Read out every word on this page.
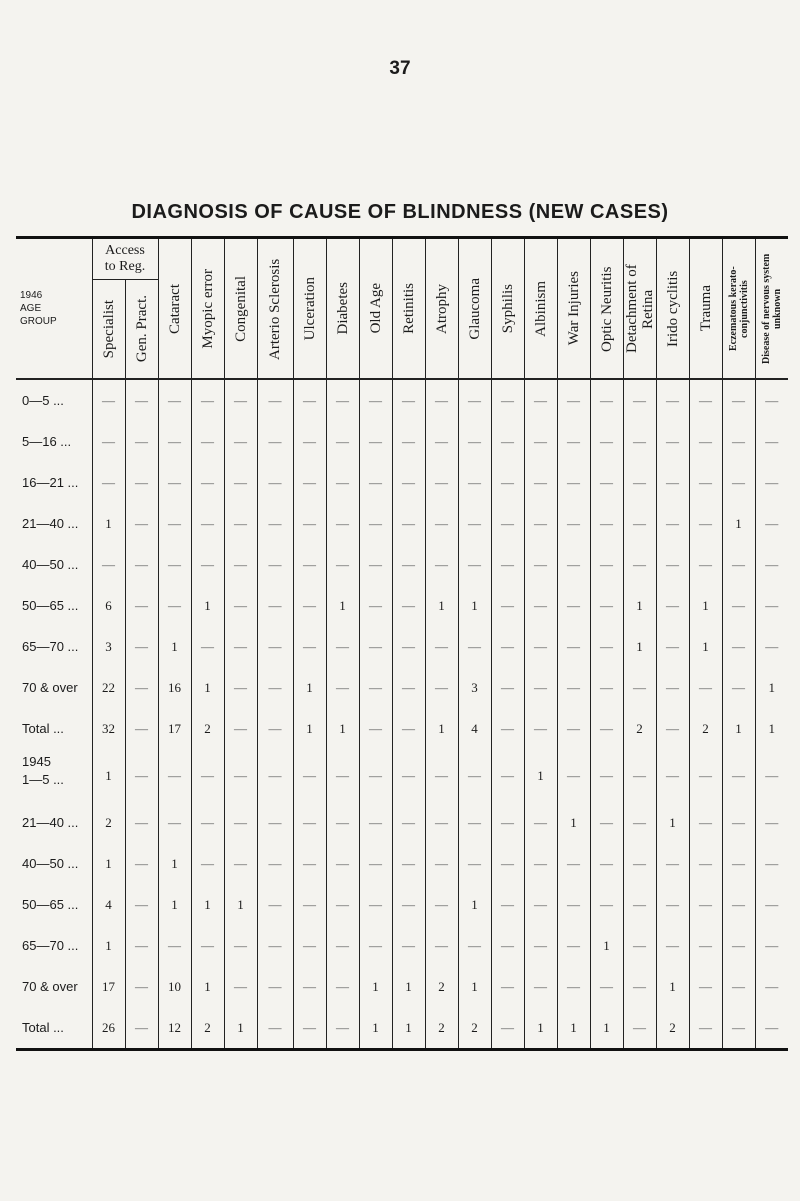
37
DIAGNOSIS OF CAUSE OF BLINDNESS (NEW CASES)
1946
AGE
GROUP	Access
to Reg.		Cataract	Myopic error	Congenital	Arterio Sclerosis	Ulceration	Diabetes	Old Age	Retinitis	Atrophy	Glaucoma	Syphilis	Albinism	War Injuries	Optic Neuritis	Detachment of Retina	Irido cyclitis	Trauma	Eczematous kerato-conjunctivitis	Disease of nervous system unknown

	Specialist	Gen. Pract.																			

0—5 ...	—	—	—	—	—	—	—	—	—	—	—	—	—	—	—	—	—	—	—	—	—
5—16 ...	—	—	—	—	—	—	—	—	—	—	—	—	—	—	—	—	—	—	—	—	—
16—21 ...	—	—	—	—	—	—	—	—	—	—	—	—	—	—	—	—	—	—	—	—	—
21—40 ...	1	—	—	—	—	—	—	—	—	—	—	—	—	—	—	—	—	—	—	1	—
40—50 ...	—	—	—	—	—	—	—	—	—	—	—	—	—	—	—	—	—	—	—	—	—
50—65 ...	6	—	—	1	—	—	—	1	—	—	1	1	—	—	—	—	1	—	1	—	—
65—70 ...	3	—	1	—	—	—	—	—	—	—	—	—	—	—	—	—	1	—	1	—	—
70 & over	22	—	16	1	—	—	1	—	—	—	—	3	—	—	—	—	—	—	—	—	1
Total ...	32	—	17	2	—	—	1	1	—	—	1	4	—	—	—	—	2	—	2	1	1
1945
1—5 ...	1	—	—	—	—	—	—	—	—	—	—	—	—	1	—	—	—	—	—	—	—
21—40 ...	2	—	—	—	—	—	—	—	—	—	—	—	—	—	1	—	—	1	—	—	—
40—50 ...	1	—	1	—	—	—	—	—	—	—	—	—	—	—	—	—	—	—	—	—	—
50—65 ...	4	—	1	1	1	—	—	—	—	—	—	1	—	—	—	—	—	—	—	—	—
65—70 ...	1	—	—	—	—	—	—	—	—	—	—	—	—	—	—	1	—	—	—	—	—
70 & over	17	—	10	1	—	—	—	—	1	1	2	1	—	—	—	—	—	1	—	—	—
Total ...	26	—	12	2	1	—	—	—	1	1	2	2	—	1	1	1	—	2	—	—	—
